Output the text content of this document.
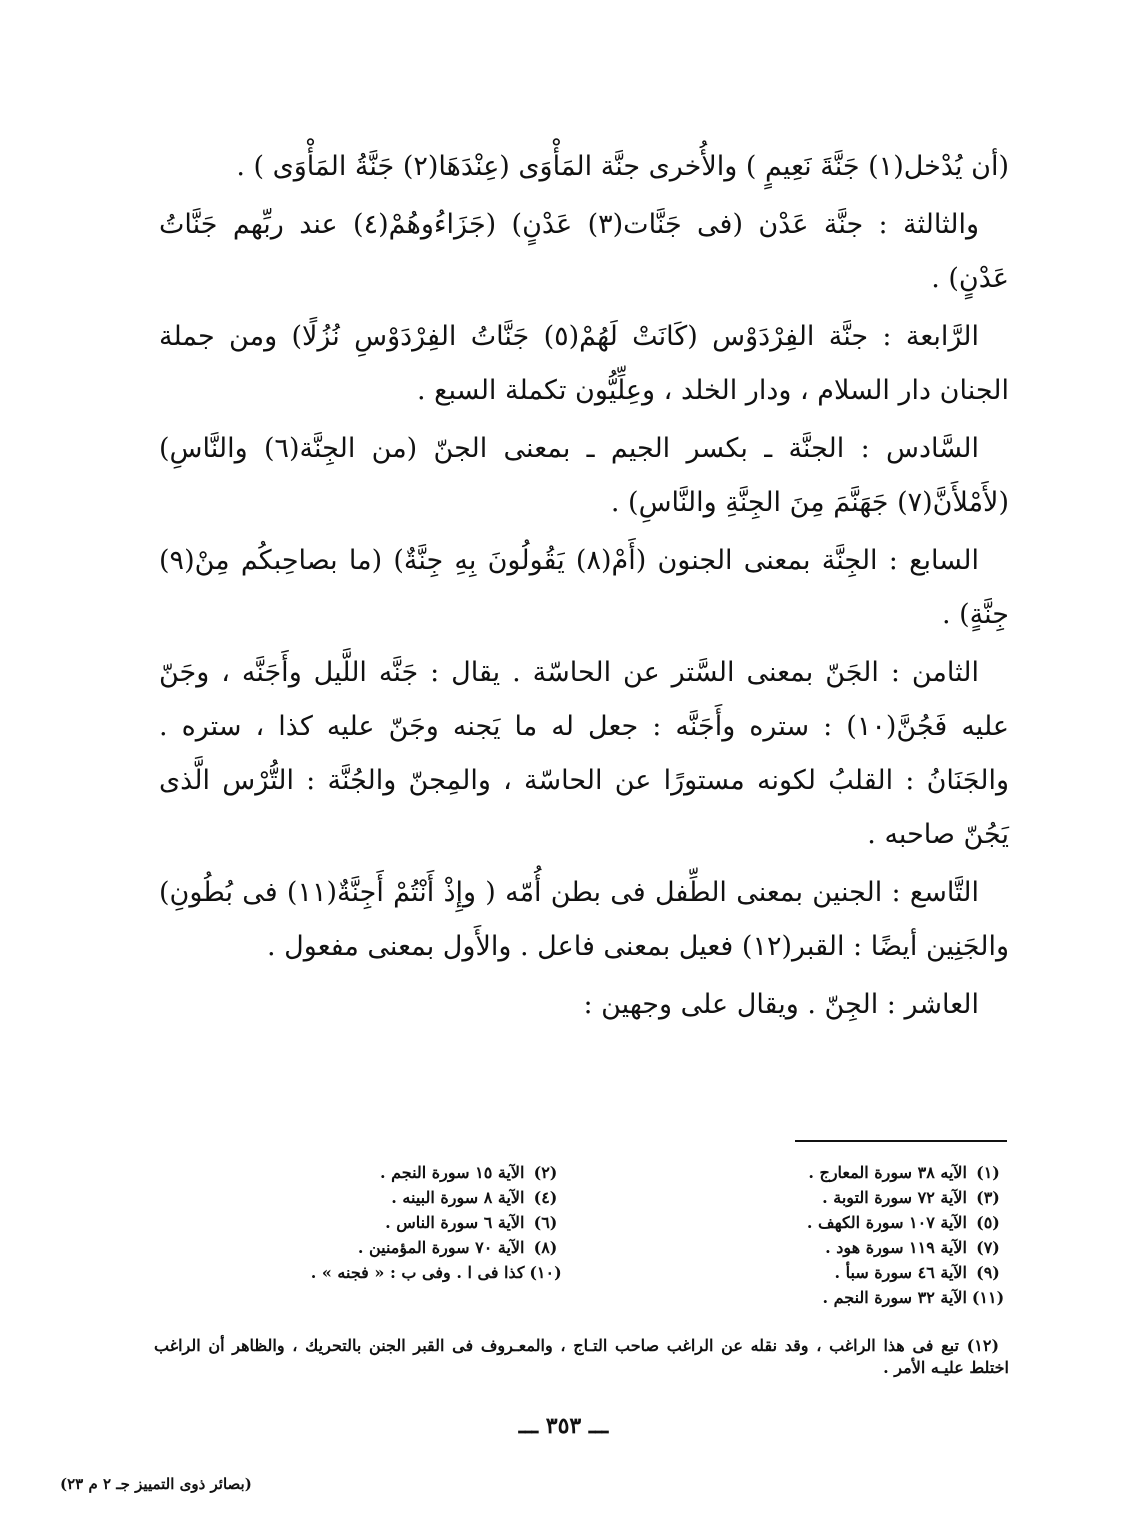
(أن يُدْخل(١) جَنَّةَ نَعِيمٍ ) والأُخرى جنَّة المَأْوَى (عِنْدَهَا(٢) جَنَّةُ المَأْوَى ) .

والثالثة : جنَّة عَدْن (فى جَنَّات(٣) عَدْنٍ) (جَزَاءُوهُمْ(٤) عند ربِّهم جَنَّاتُ عَدْنٍ) .

الرَّابعة : جنَّة الفِرْدَوْس (كَانَتْ لَهُمْ(٥) جَنَّاتُ الفِرْدَوْسِ نُزُلًا) ومن جملة الجنان دار السلام ، ودار الخلد ، وعِلِّيُّون تكملة السبع .

السَّادس : الجنَّة ـ بكسر الجيم ـ بمعنى الجنّ (من الجِنَّة(٦) والنَّاسِ) (لأَمْلأَنَّ(٧) جَهَنَّمَ مِنَ الجِنَّةِ والنَّاسِ) .

السابع : الجِنَّة بمعنى الجنون (أَمْ(٨) يَقُولُونَ بِهِ جِنَّةٌ) (ما بصاحِبكُم مِنْ(٩) جِنَّةٍ) .

الثامن : الجَنّ بمعنى السَّتر عن الحاسّة . يقال : جَنَّه اللَّيل وأَجَنَّه ، وجَنّ عليه فَجُنَّ(١٠) : ستره وأَجَنَّه : جعل له ما يَجنه وجَنّ عليه كذا ، ستره . والجَنَانُ : القلبُ لكونه مستورًا عن الحاسّة ، والمِجنّ والجُنَّة : التُّرْس الَّذى يَجُنّ صاحبه .

التَّاسع : الجنين بمعنى الطِّفل فى بطن أُمّه ( وإِذْ أَنْتُمْ أَجِنَّةٌ(١١) فى بُطُونِ) والجَنِين أيضًا : القبر(١٢) فعيل بمعنى فاعل . والأَول بمعنى مفعول .

العاشر : الجِنّ . ويقال على وجهين :

(١)الآيه ٣٨ سورة المعارج .
(٢)الآية ١٥ سورة النجم .
(٣)الآية ٧٢ سورة التوبة .
(٤)الآية ٨ سورة البينه .
(٥)الآية ١٠٧ سورة الكهف .
(٦)الآية ٦ سورة الناس .
(٧)الآية ١١٩ سورة هود .
(٨)الآية ٧٠ سورة المؤمنين .
(٩)الآية ٤٦ سورة سبأ .
(١٠)كذا فى ا . وفى ب : « فجنه » .
(١١)الآية ٣٢ سورة النجم .
(١٢) تبع فى هذا الراغب ، وقد نقله عن الراغب صاحب التـاج ، والمعـروف فى القبر الجنن بالتحريك ، والظاهر أن الراغب اختلط عليـه الأمر .
ـــ ٣٥٣ ـــ
(بصائر ذوى التمييز جـ ٢ م ٢٣)
